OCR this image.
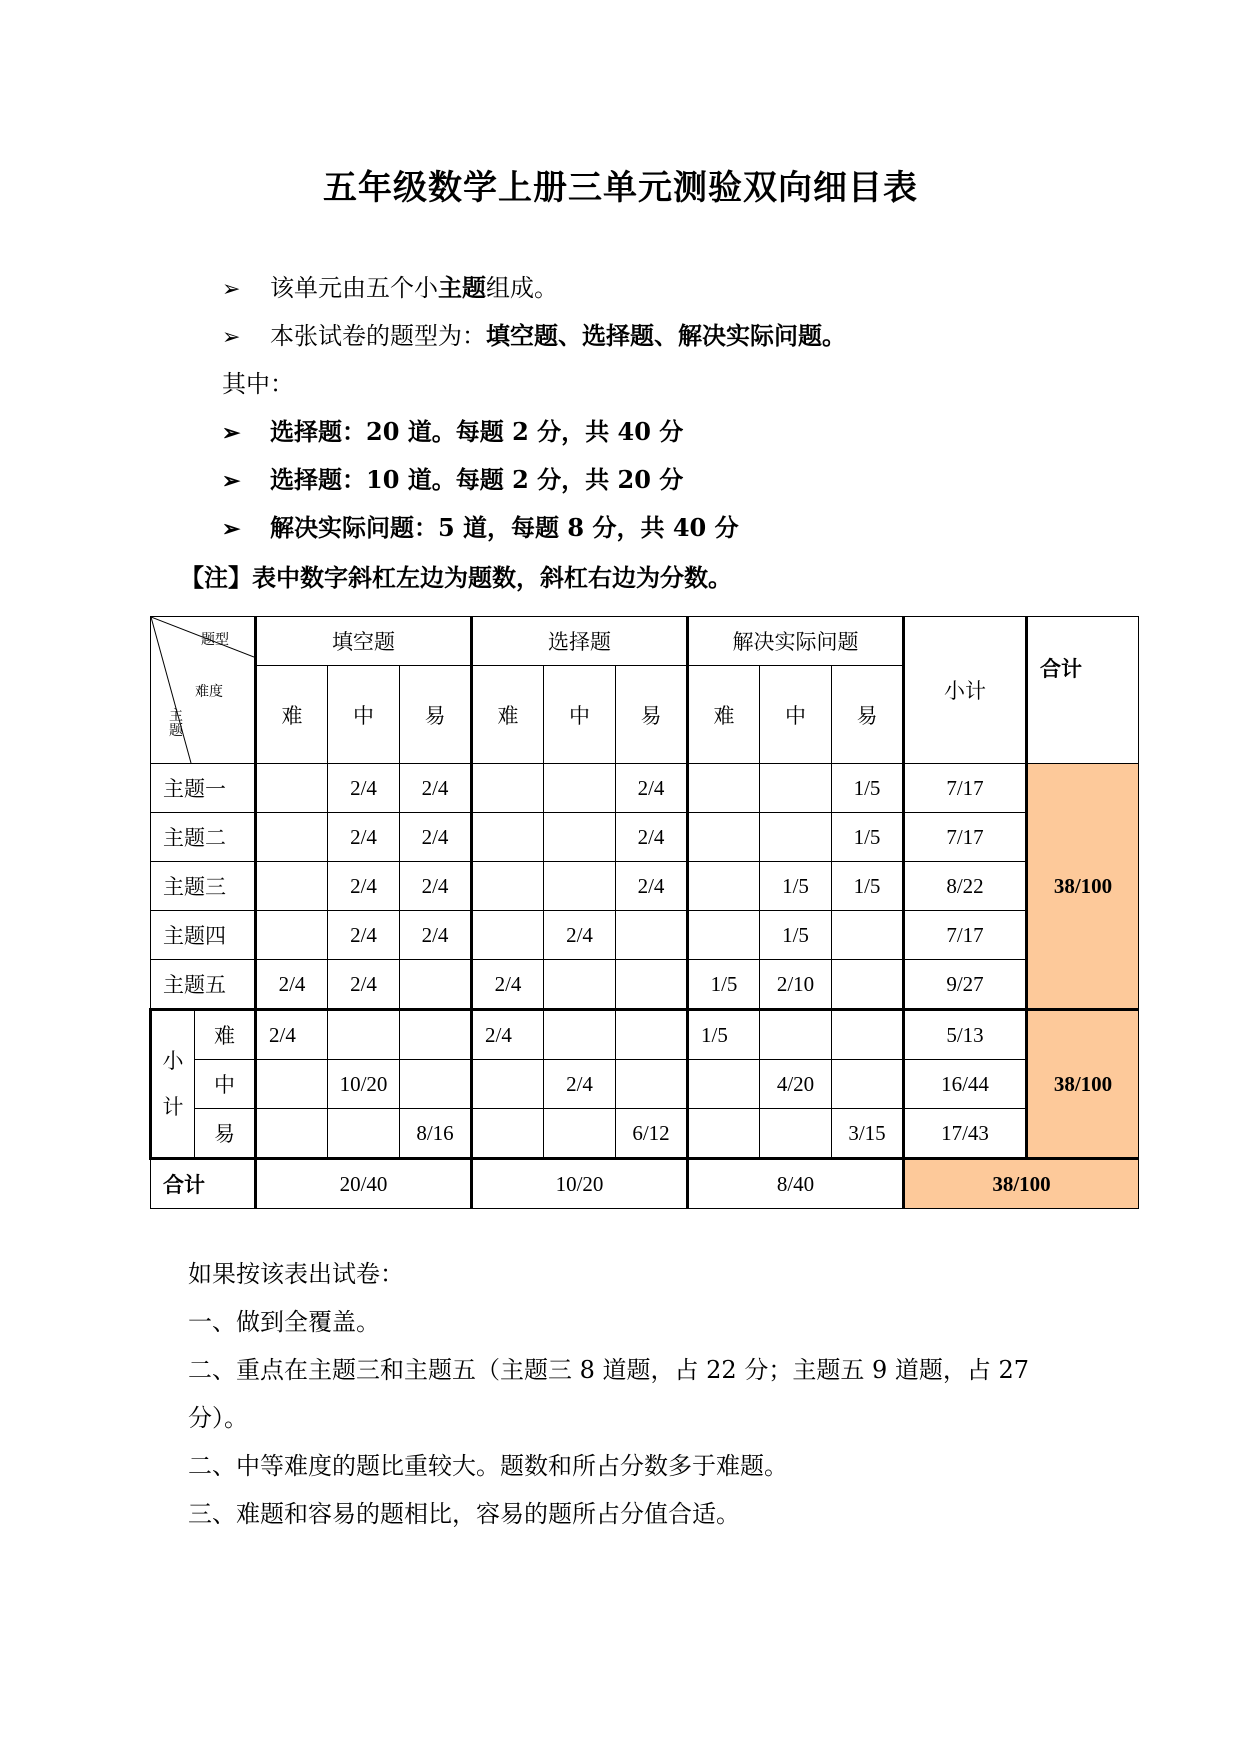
五年级数学上册三单元测验双向细目表
➢ 该单元由五个小主题组成。
➢ 本张试卷的题型为：填空题、选择题、解决实际问题。
其中：
➢ 选择题：20 道。每题 2 分，共 40 分
➢ 选择题：10 道。每题 2 分，共 20 分
➢ 解决实际问题：5 道，每题 8 分，共 40 分
【注】表中数字斜杠左边为题数，斜杠右边为分数。
题型
难度
主题		填空题			选择题			解决实际问题			小计	合计
		难	中	易	难	中	易	难	中	易		
主题一			2/4	2/4			2/4			1/5	7/17	38/100
主题二			2/4	2/4			2/4			1/5	7/17	
主题三			2/4	2/4			2/4		1/5	1/5	8/22	
主题四			2/4	2/4		2/4			1/5		7/17	
主题五		2/4	2/4		2/4			1/5	2/10		9/27	
小
计	难	2/4			2/4			1/5			5/13	38/100
	中		10/20			2/4			4/20		16/44	
	易			8/16			6/12			3/15	17/43	
合计		20/40			10/20			8/40			38/100	
如果按该表出试卷：
一、做到全覆盖。
二、重点在主题三和主题五（主题三 8 道题，占 22 分；主题五 9 道题，占 27
分）。
二、中等难度的题比重较大。题数和所占分数多于难题。
三、难题和容易的题相比，容易的题所占分值合适。
